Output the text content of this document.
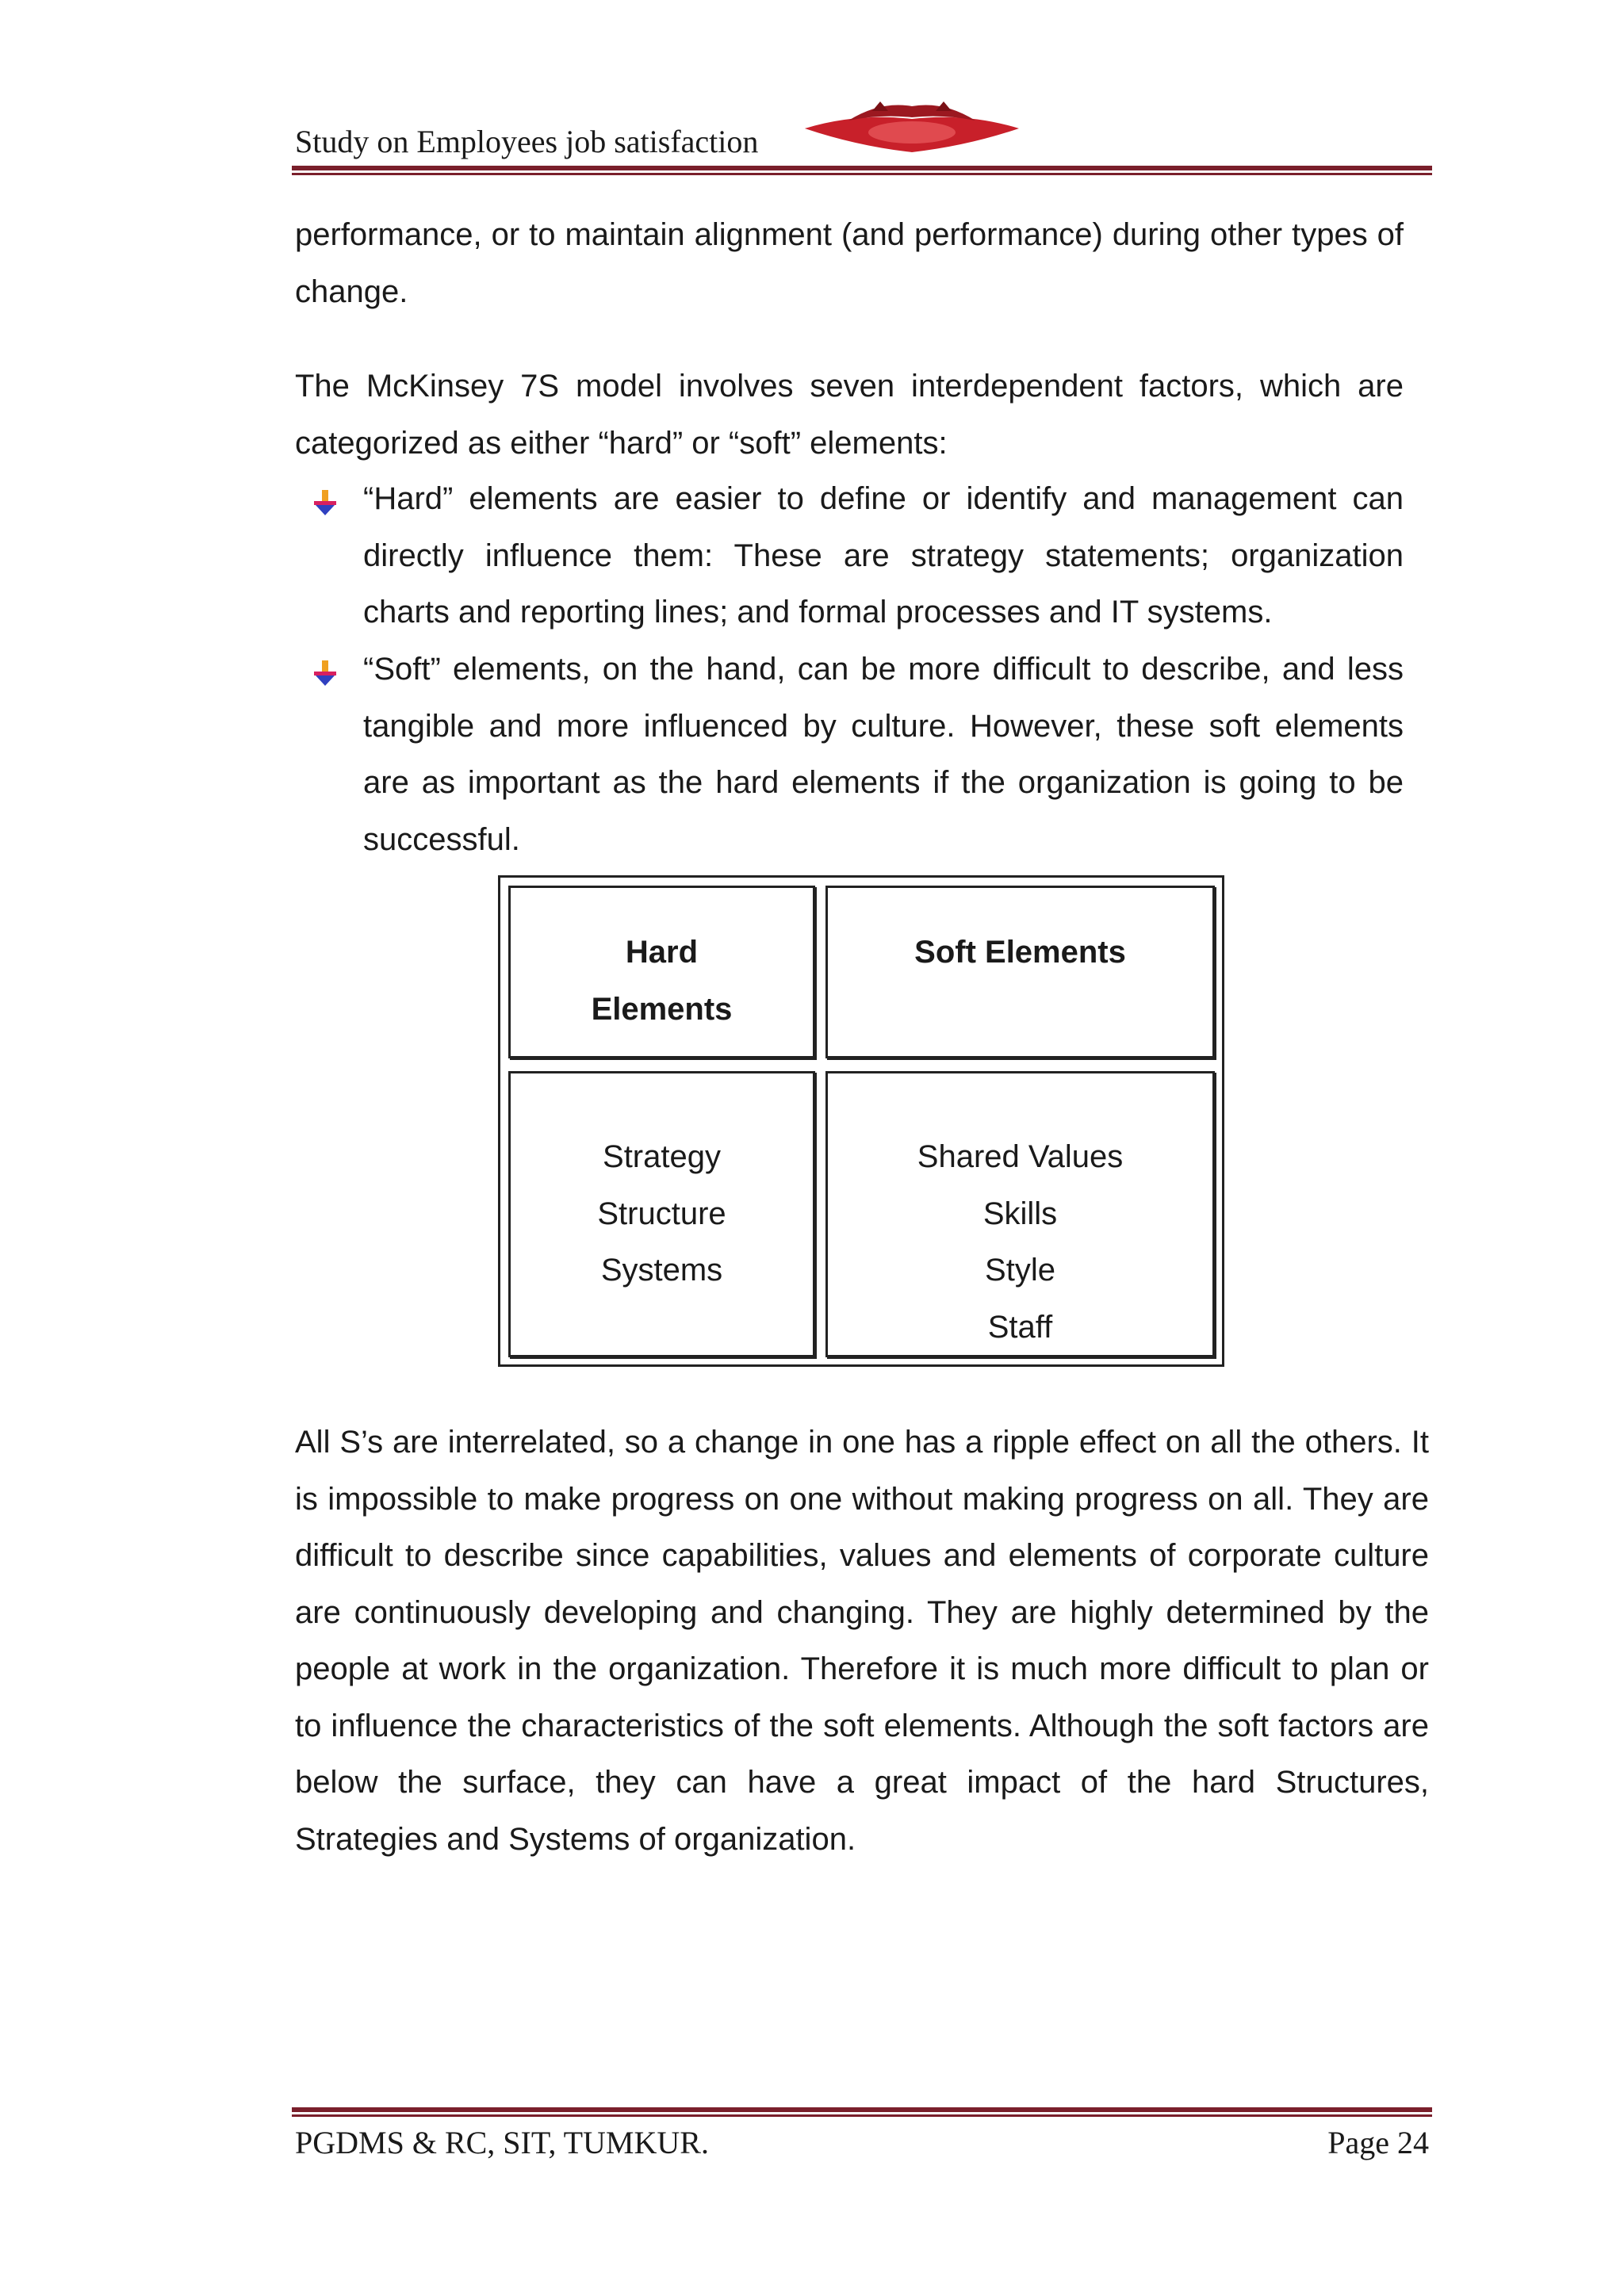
Study on Employees job satisfaction

performance, or to maintain alignment (and performance) during other types of change.

The McKinsey 7S model involves seven interdependent factors, which are categorized as either “hard” or “soft” elements:

“Hard” elements are easier to define or identify and management can directly influence them: These are strategy statements; organization charts and reporting lines; and formal processes and IT systems.

“Soft” elements, on the hand, can be more difficult to describe, and less tangible and more influenced by culture. However, these soft elements are as important as the hard elements if the organization is going to be successful.

Hard
Elements
Soft Elements
Strategy
Structure
Systems
Shared Values
Skills
Style
Staff

All S’s are interrelated, so a change in one has a ripple effect on all the others. It is impossible to make progress on one without making progress on all. They are difficult to describe since capabilities, values and elements of corporate culture are continuously developing and changing. They are highly determined by the people at work in the organization. Therefore it is much more difficult to plan or to influence the characteristics of the soft elements. Although the soft factors are below the surface, they can have a great impact of the hard Structures, Strategies and Systems of organization.

PGDMS & RC, SIT, TUMKUR.	Page 24
